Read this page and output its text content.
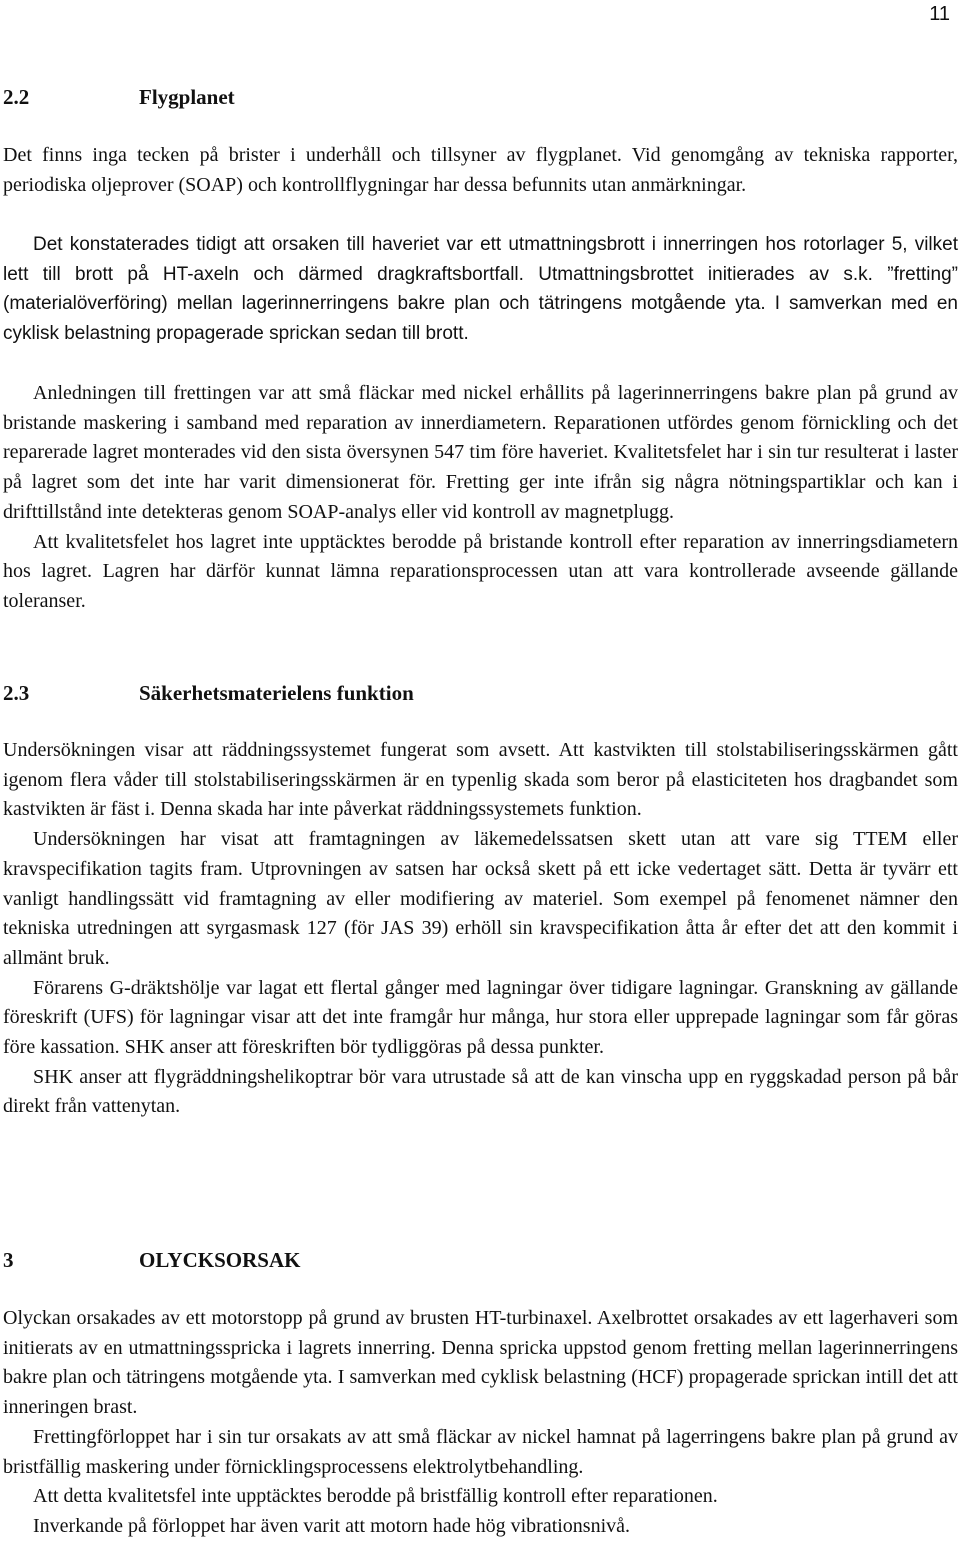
11
2.2	Flygplanet

Det finns inga tecken på brister i underhåll och tillsyner av flygplanet. Vid genomgång av tekniska rapporter, periodiska oljeprover (SOAP) och kontrollflygningar har dessa befunnits utan anmärkningar.

Det konstaterades tidigt att orsaken till haveriet var ett utmattningsbrott i innerringen hos rotorlager 5, vilket lett till brott på HT-axeln och därmed dragkraftsbortfall. Utmattningsbrottet initierades av s.k. ”fretting” (materialöverföring) mellan lagerinnerringens bakre plan och tätringens motgående yta. I samverkan med en cyklisk belastning propagerade sprickan sedan till brott.

Anledningen till frettingen var att små fläckar med nickel erhållits på lagerinnerringens bakre plan på grund av bristande maskering i samband med reparation av innerdiametern. Reparationen utfördes genom förnickling och det reparerade lagret monterades vid den sista översynen 547 tim före haveriet. Kvalitetsfelet har i sin tur resulterat i laster på lagret som det inte har varit dimensionerat för. Fretting ger inte ifrån sig några nötningspartiklar och kan i drifttillstånd inte detekteras genom SOAP-analys eller vid kontroll av magnetplugg.

Att kvalitetsfelet hos lagret inte upptäcktes berodde på bristande kontroll efter reparation av innerringsdiametern hos lagret. Lagren har därför kunnat lämna reparationsprocessen utan att vara kontrollerade avseende gällande toleranser.

2.3	Säkerhetsmaterielens funktion

Undersökningen visar att räddningssystemet fungerat som avsett. Att kastvikten till stolstabiliseringsskärmen gått igenom flera våder till stolstabiliseringsskärmen är en typenlig skada som beror på elasticiteten hos dragbandet som kastvikten är fäst i. Denna skada har inte påverkat räddningssystemets funktion.

Undersökningen har visat att framtagningen av läkemedelssatsen skett utan att vare sig TTEM eller kravspecifikation tagits fram. Utprovningen av satsen har också skett på ett icke vedertaget sätt. Detta är tyvärr ett vanligt handlingssätt vid framtagning av eller modifiering av materiel. Som exempel på fenomenet nämner den tekniska utredningen att syrgasmask 127 (för JAS 39) erhöll sin kravspecifikation åtta år efter det att den kommit i allmänt bruk.

Förarens G-dräktshölje var lagat ett flertal gånger med lagningar över tidigare lagningar. Granskning av gällande föreskrift (UFS) för lagningar visar att det inte framgår hur många, hur stora eller upprepade lagningar som får göras före kassation. SHK anser att föreskriften bör tydliggöras på dessa punkter.

SHK anser att flygräddningshelikoptrar bör vara utrustade så att de kan vinscha upp en ryggskadad person på bår direkt från vattenytan.

3	OLYCKSORSAK

Olyckan orsakades av ett motorstopp på grund av brusten HT-turbinaxel. Axelbrottet orsakades av ett lagerhaveri som initierats av en utmattningsspricka i lagrets innerring. Denna spricka uppstod genom fretting mellan lagerinnerringens bakre plan och tätringens motgående yta. I samverkan med cyklisk belastning (HCF) propagerade sprickan intill det att inneringen brast.

Frettingförloppet har i sin tur orsakats av att små fläckar av nickel hamnat på lagerringens bakre plan på grund av bristfällig maskering under förnicklingsprocessens elektrolytbehandling.

Att detta kvalitetsfel inte upptäcktes berodde på bristfällig kontroll efter reparationen.

Inverkande på förloppet har även varit att motorn hade hög vibrationsnivå.
